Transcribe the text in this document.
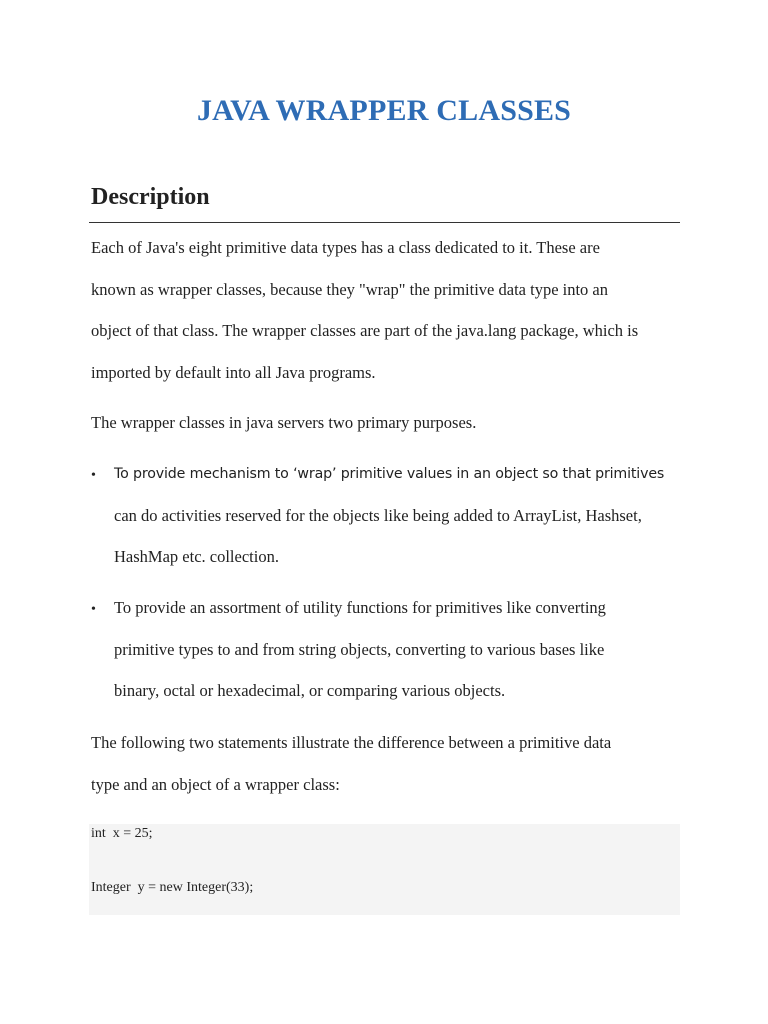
JAVA WRAPPER CLASSES
Description
Each of Java's eight primitive data types has a class dedicated to it. These are
known as wrapper classes, because they "wrap" the primitive data type into an
object of that class. The wrapper classes are part of the java.lang package, which is
imported by default into all Java programs.

The wrapper classes in java servers two primary purposes.

• To provide mechanism to ‘wrap’ primitive values in an object so that primitives
can do activities reserved for the objects like being added to ArrayList, Hashset,
HashMap etc. collection.
• To provide an assortment of utility functions for primitives like converting
primitive types to and from string objects, converting to various bases like
binary, octal or hexadecimal, or comparing various objects.
The following two statements illustrate the difference between a primitive data
type and an object of a wrapper class:

int  x = 25;

Integer  y = new Integer(33);
